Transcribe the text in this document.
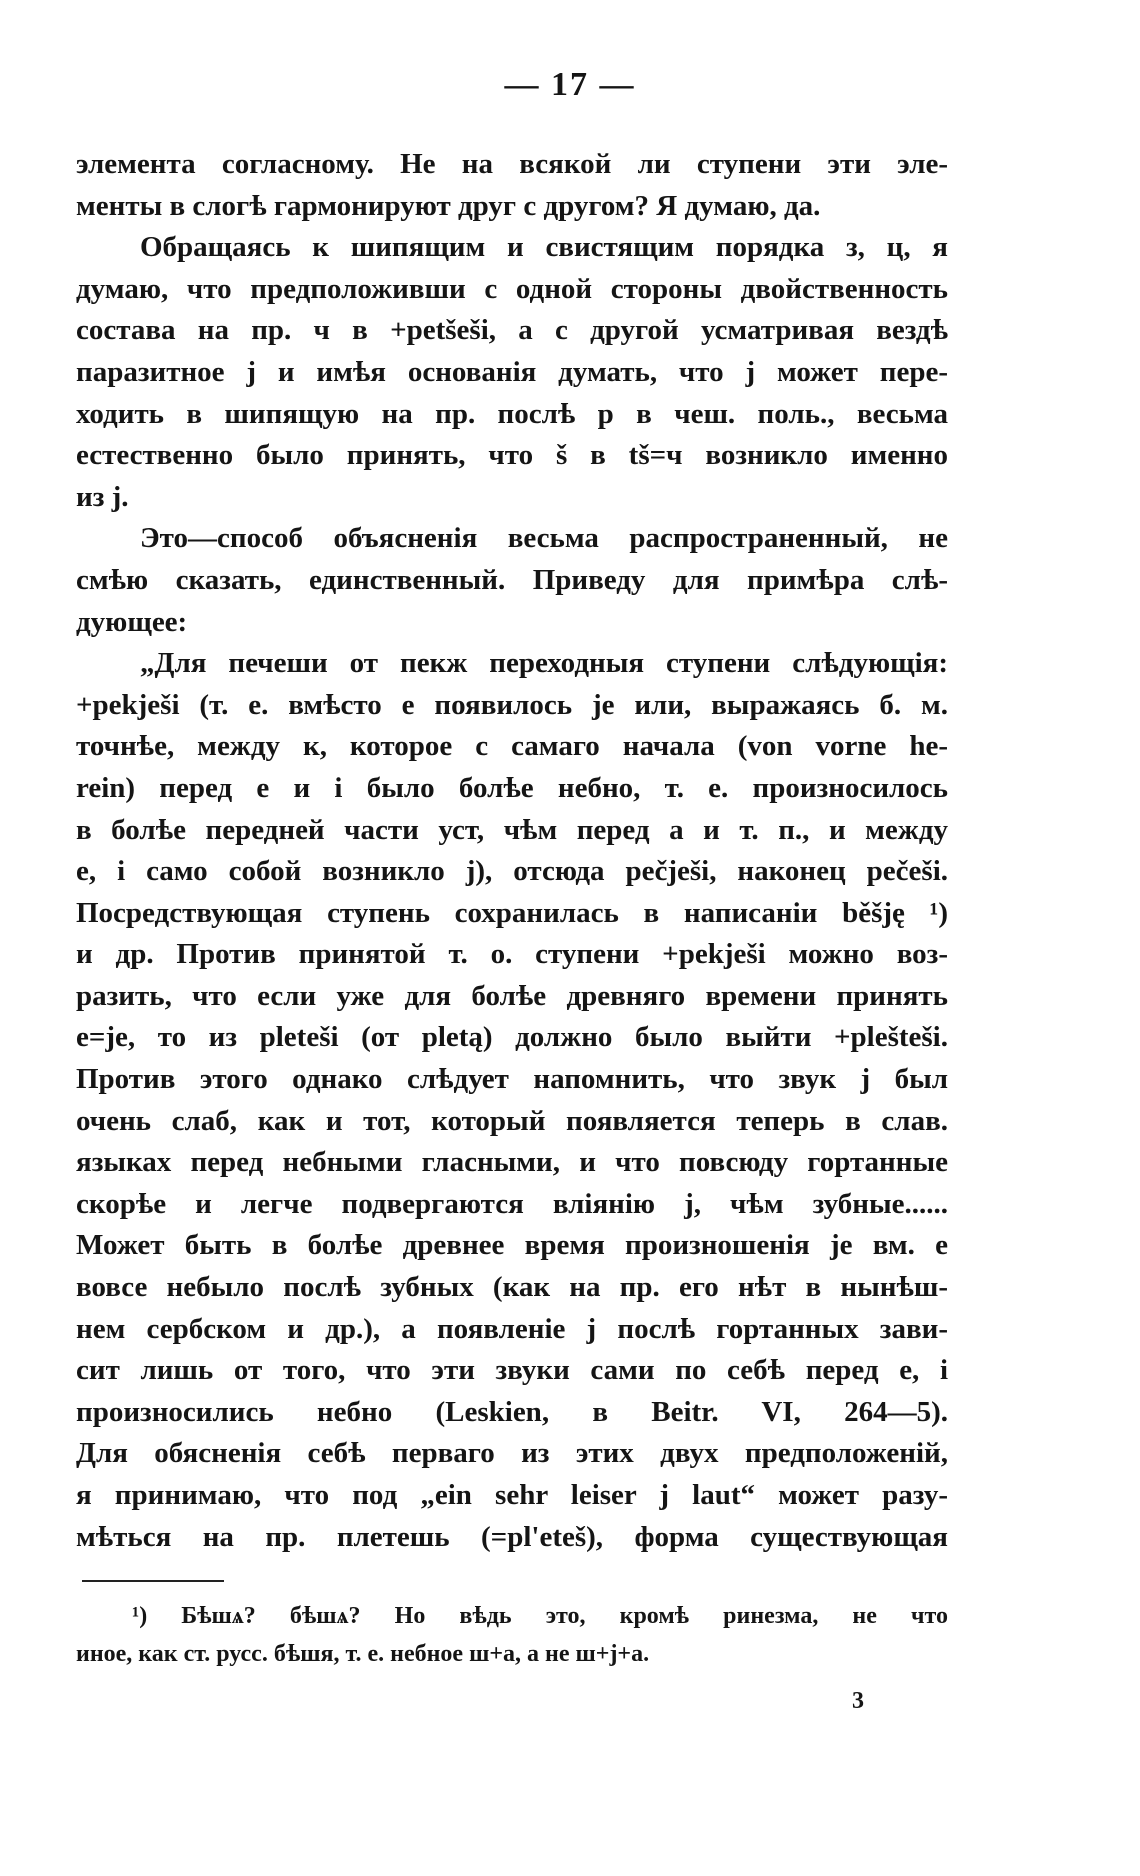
— 17 —
элемента согласному. Не на всякой ли ступени эти эле-
менты в слогѣ гармонируют друг с другом? Я думаю, да.
Обращаясь к шипящим и свистящим порядка з, ц, я
думаю, что предположивши с одной стороны двойственность
состава на пр. ч в +petšeši, а с другой усматривая вездѣ
паразитное j и имѣя основанія думать, что j может пере-
ходить в шипящую на пр. послѣ р в чеш. поль., весьма
естественно было принять, что š в tš=ч возникло именно
из j.
Это—способ объясненія весьма распространенный, не
смѣю сказать, единственный. Приведу для примѣра слѣ-
дующее:
„Для печеши от пекж переходныя ступени слѣдующія:
+pekješi (т. е. вмѣсто е появилось je или, выражаясь б. м.
точнѣе, между к, которое с самаго начала (von vorne he-
rein) перед е и і было болѣе небно, т. е. произносилось
в болѣе передней части уст, чѣм перед а и т. п., и между
е, і само собой возникло j), отсюда pečješi, наконец pečeši.
Посредствующая ступень сохранилась в написаніи běšję ¹)
и др. Против принятой т. о. ступени +pekješi можно воз-
разить, что если уже для болѣе древняго времени принять
е=je, то из pleteši (от pletą) должно было выйти +plešteši.
Против этого однако слѣдует напомнить, что звук j был
очень слаб, как и тот, который появляется теперь в слав.
языках перед небными гласными, и что повсюду гортанные
скорѣе и легче подвергаются вліянію j, чѣм зубные......
Может быть в болѣе древнее время произношенія je вм. е
вовсе небыло послѣ зубных (как на пр. его нѣт в нынѣш-
нем сербском и др.), а появленіе j послѣ гортанных зави-
сит лишь от того, что эти звуки сами по себѣ перед е, і
произносились небно (Leskien, в Beitr. VI, 264—5).
Для обясненія себѣ перваго из этих двух предположеній,
я принимаю, что под „ein sehr leiser j laut“ может разу-
мѣться на пр. плетешь (=pl'eteš), форма существующая
¹) Бѣшѧ? бѣшѧ? Но вѣдь это, кромѣ ринезма, не что
иное, как ст. русс. бѣшя, т. е. небное ш+а, а не ш+j+а.
3
